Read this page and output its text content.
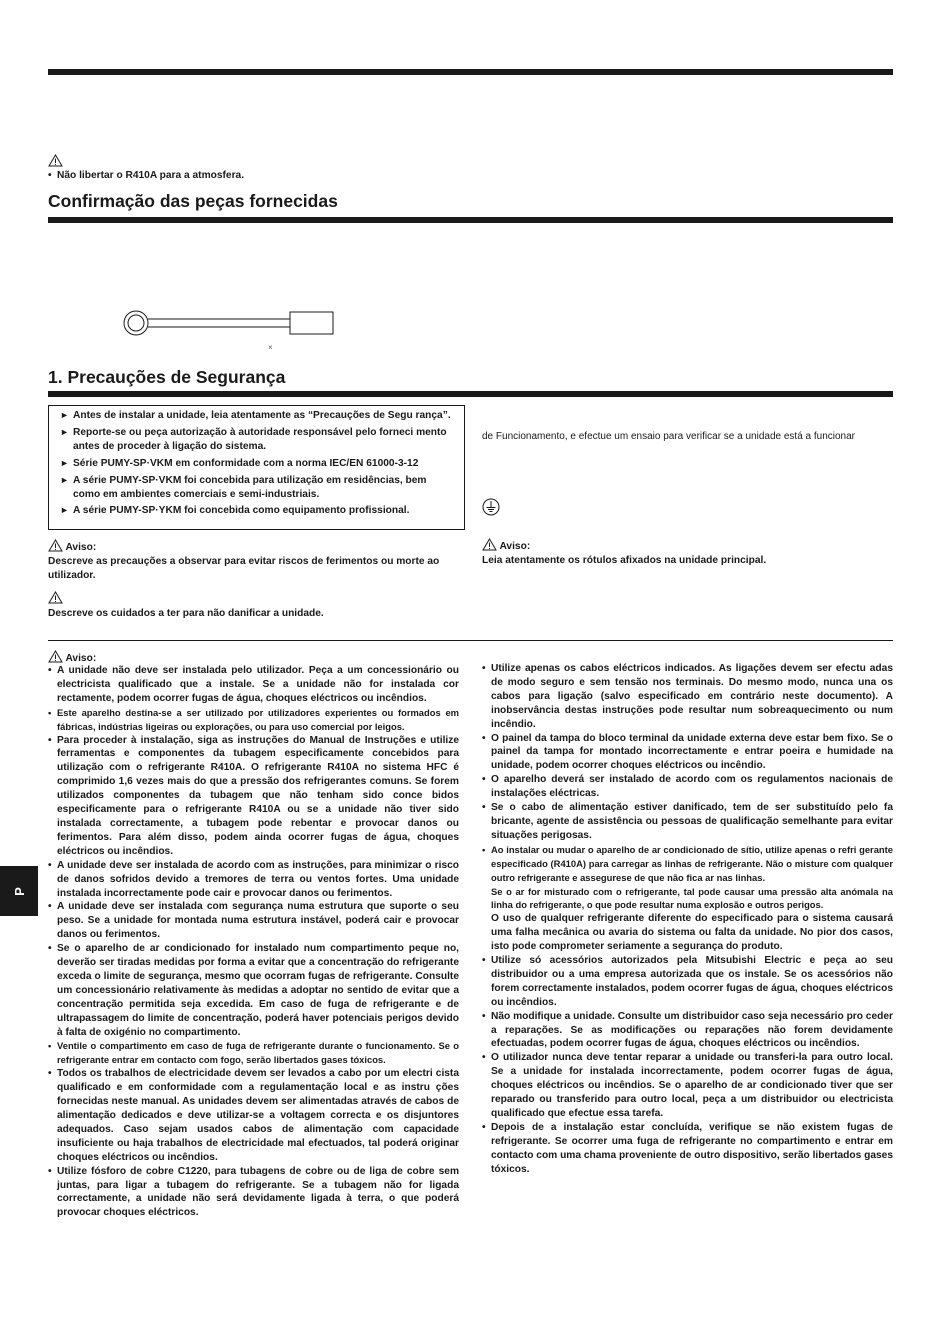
• Não libertar o R410A para a atmosfera.
Confirmação das peças fornecidas
×
1. Precauções de Segurança
► Antes de instalar a unidade, leia atentamente as “Precauções de Segu rança”.
► Reporte-se ou peça autorização à autoridade responsável pelo forneci mento antes de proceder à ligação do sistema.
► Série PUMY-SP·VKM em conformidade com a norma IEC/EN 61000-3-12
► A série PUMY-SP·VKM foi concebida para utilização em residências, bem como em ambientes comerciais e semi-industriais.
► A série PUMY-SP·YKM foi concebida como equipamento profissional.
de Funcionamento, e efectue um ensaio para verificar se a unidade está a funcionar
Aviso:
Descreve as precauções a observar para evitar riscos de ferimentos ou morte ao utilizador.
Descreve os cuidados a ter para não danificar a unidade.
Aviso:
Leia atentamente os rótulos afixados na unidade principal.
Aviso:
• A unidade não deve ser instalada pelo utilizador. Peça a um concessionário ou electricista qualificado que a instale. Se a unidade não for instalada cor rectamente, podem ocorrer fugas de água, choques eléctricos ou incêndios.
• Este aparelho destina-se a ser utilizado por utilizadores experientes ou formados em fábricas, indústrias ligeiras ou explorações, ou para uso comercial por leigos.
• Para proceder à instalação, siga as instruções do Manual de Instruções e utilize ferramentas e componentes da tubagem especificamente concebidos para utilização com o refrigerante R410A. O refrigerante R410A no sistema HFC é comprimido 1,6 vezes mais do que a pressão dos refrigerantes comuns. Se forem utilizados componentes da tubagem que não tenham sido conce bidos especificamente para o refrigerante R410A ou se a unidade não tiver sido instalada correctamente, a tubagem pode rebentar e provocar danos ou ferimentos. Para além disso, podem ainda ocorrer fugas de água, choques eléctricos ou incêndios.
• A unidade deve ser instalada de acordo com as instruções, para minimizar o risco de danos sofridos devido a tremores de terra ou ventos fortes. Uma unidade instalada incorrectamente pode cair e provocar danos ou ferimentos.
• A unidade deve ser instalada com segurança numa estrutura que suporte o seu peso. Se a unidade for montada numa estrutura instável, poderá cair e provocar danos ou ferimentos.
• Se o aparelho de ar condicionado for instalado num compartimento peque no, deverão ser tiradas medidas por forma a evitar que a concentração do refrigerante exceda o limite de segurança, mesmo que ocorram fugas de refrigerante. Consulte um concessionário relativamente às medidas a adoptar no sentido de evitar que a concentração permitida seja excedida. Em caso de fuga de refrigerante e de ultrapassagem do limite de concentração, poderá haver potenciais perigos devido à falta de oxigénio no compartimento.
• Ventile o compartimento em caso de fuga de refrigerante durante o funcionamento. Se o refrigerante entrar em contacto com fogo, serão libertados gases tóxicos.
• Todos os trabalhos de electricidade devem ser levados a cabo por um electri cista qualificado e em conformidade com a regulamentação local e as instru ções fornecidas neste manual. As unidades devem ser alimentadas através de cabos de alimentação dedicados e deve utilizar-se a voltagem correcta e os disjuntores adequados. Caso sejam usados cabos de alimentação com capacidade insuficiente ou haja trabalhos de electricidade mal efectuados, tal poderá originar choques eléctricos ou incêndios.
• Utilize fósforo de cobre C1220, para tubagens de cobre ou de liga de cobre sem juntas, para ligar a tubagem do refrigerante. Se a tubagem não for ligada correctamente, a unidade não será devidamente ligada à terra, o que poderá provocar choques eléctricos.
• Utilize apenas os cabos eléctricos indicados. As ligações devem ser efectu adas de modo seguro e sem tensão nos terminais. Do mesmo modo, nunca una os cabos para ligação (salvo especificado em contrário neste documento). A inobservância destas instruções pode resultar num sobreaquecimento ou num incêndio.
• O painel da tampa do bloco terminal da unidade externa deve estar bem fixo. Se o painel da tampa for montado incorrectamente e entrar poeira e humidade na unidade, podem ocorrer choques eléctricos ou incêndio.
• O aparelho deverá ser instalado de acordo com os regulamentos nacionais de instalações eléctricas.
• Se o cabo de alimentação estiver danificado, tem de ser substituído pelo fa bricante, agente de assistência ou pessoas de qualificação semelhante para evitar situações perigosas.
• Ao instalar ou mudar o aparelho de ar condicionado de sítio, utilize apenas o refri gerante especificado (R410A) para carregar as linhas de refrigerante. Não o misture com qualquer outro refrigerante e assegurese de que não fica ar nas linhas.
Se o ar for misturado com o refrigerante, tal pode causar uma pressão alta anómala na linha do refrigerante, o que pode resultar numa explosão e outros perigos.
O uso de qualquer refrigerante diferente do especificado para o sistema causará uma falha mecânica ou avaria do sistema ou falta da unidade. No pior dos casos, isto pode comprometer seriamente a segurança do produto.
• Utilize só acessórios autorizados pela Mitsubishi Electric e peça ao seu distribuidor ou a uma empresa autorizada que os instale. Se os acessórios não forem correctamente instalados, podem ocorrer fugas de água, choques eléctricos ou incêndios.
• Não modifique a unidade. Consulte um distribuidor caso seja necessário pro ceder a reparações. Se as modificações ou reparações não forem devidamente efectuadas, podem ocorrer fugas de água, choques eléctricos ou incêndios.
• O utilizador nunca deve tentar reparar a unidade ou transferi-la para outro local. Se a unidade for instalada incorrectamente, podem ocorrer fugas de água, choques eléctricos ou incêndios. Se o aparelho de ar condicionado tiver que ser reparado ou transferido para outro local, peça a um distribuidor ou electricista qualificado que efectue essa tarefa.
• Depois de a instalação estar concluída, verifique se não existem fugas de refrigerante. Se ocorrer uma fuga de refrigerante no compartimento e entrar em contacto com uma chama proveniente de outro dispositivo, serão libertados gases tóxicos.
P
